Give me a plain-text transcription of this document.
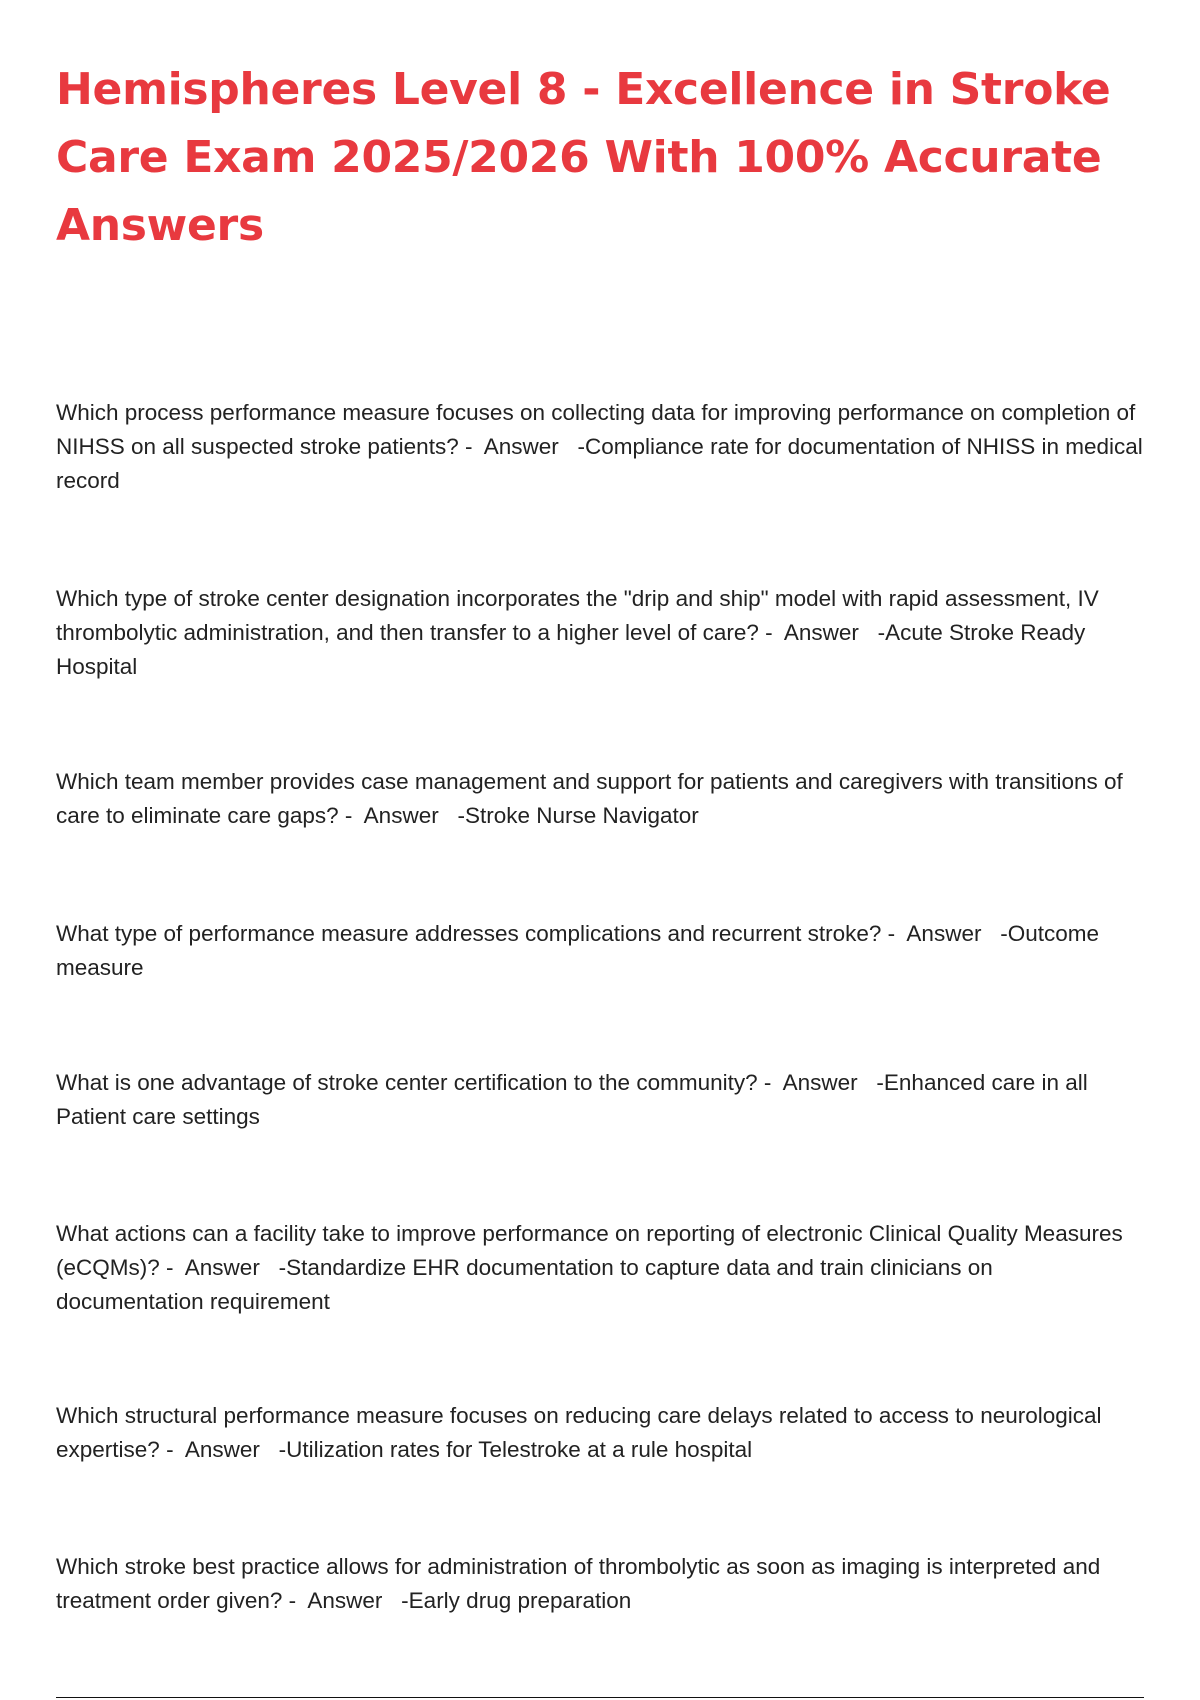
Hemispheres Level 8 - Excellence in Stroke Care Exam 2025/2026 With 100% Accurate Answers

Which process performance measure focuses on collecting data for improving performance on completion of NIHSS on all suspected stroke patients? -  Answer   -Compliance rate for documentation of NHISS in medical record

Which type of stroke center designation incorporates the "drip and ship" model with rapid assessment, IV thrombolytic administration, and then transfer to a higher level of care? -  Answer   -Acute Stroke Ready Hospital

Which team member provides case management and support for patients and caregivers with transitions of care to eliminate care gaps? -  Answer   -Stroke Nurse Navigator

What type of performance measure addresses complications and recurrent stroke? -  Answer   -Outcome measure

What is one advantage of stroke center certification to the community? -  Answer   -Enhanced care in all Patient care settings

What actions can a facility take to improve performance on reporting of electronic Clinical Quality Measures (eCQMs)? -  Answer   -Standardize EHR documentation to capture data and train clinicians on documentation requirement

Which structural performance measure focuses on reducing care delays related to access to neurological expertise? -  Answer   -Utilization rates for Telestroke at a rule hospital

Which stroke best practice allows for administration of thrombolytic as soon as imaging is interpreted and treatment order given? -  Answer   -Early drug preparation
